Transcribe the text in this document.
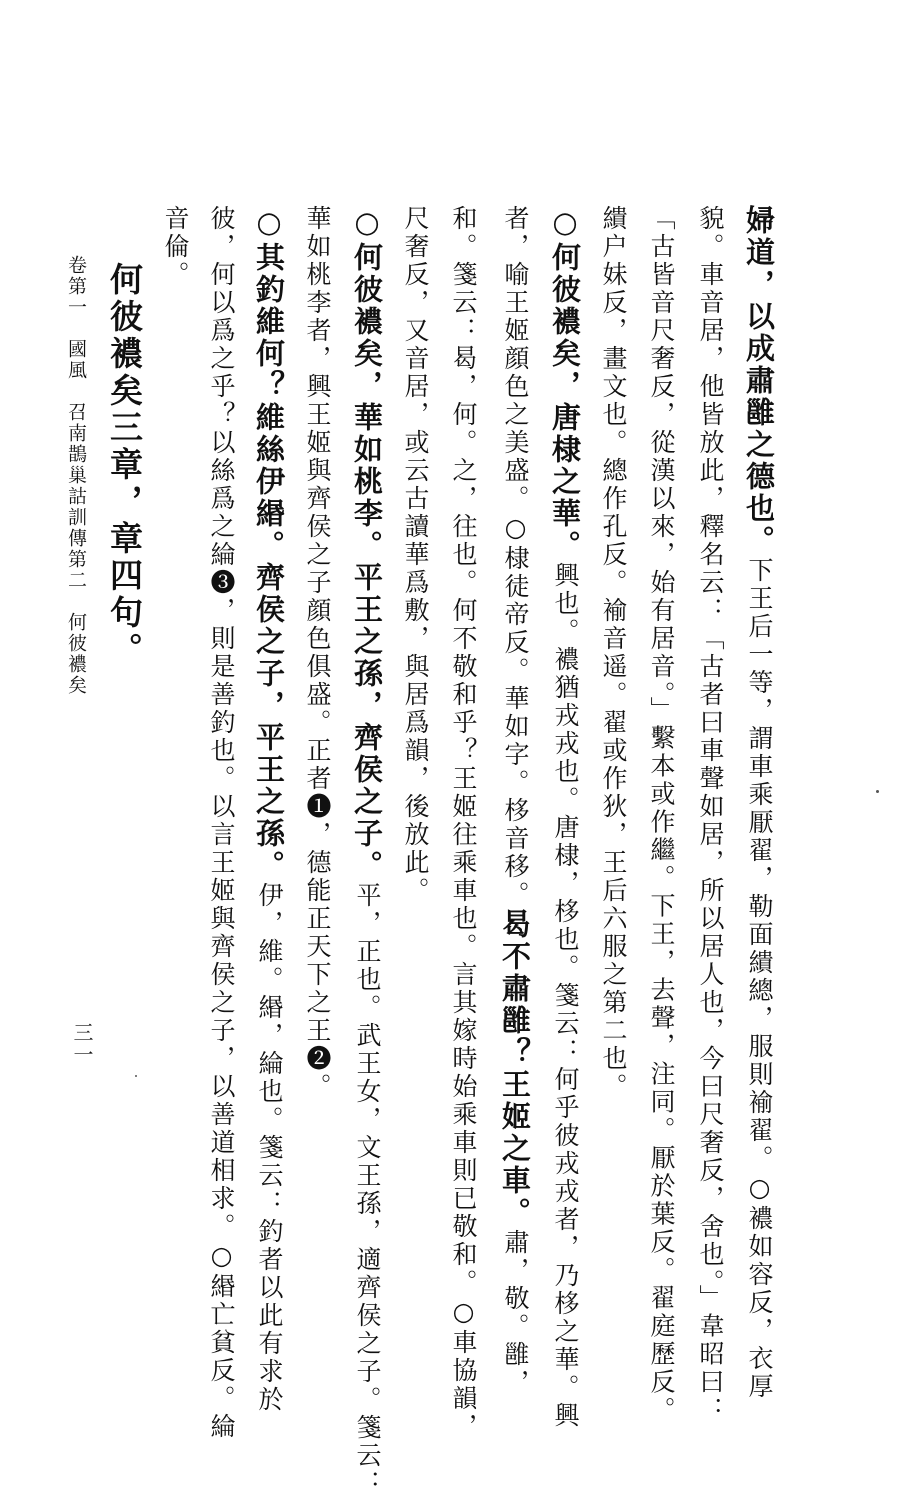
婦道，以成肅雝之德也。下王后一等，謂車乘厭翟，勒面繢總，服則褕翟。○襛如容反，衣厚
貌。車音居，他皆放此，釋名云：「古者曰車聲如居，所以居人也，今曰尺奢反，舍也。」韋昭曰：
「古皆音尺奢反，從漢以來，始有居音。」繫本或作繼。下王，去聲，注同。厭於葉反。翟庭歷反。
繢户妹反，畫文也。總作孔反。褕音遥。翟或作狄，王后六服之第二也。
○何彼襛矣，唐棣之華。興也。襛猶戎戎也。唐棣，栘也。箋云：何乎彼戎戎者，乃栘之華。興
者，喻王姬顔色之美盛。○棣徒帝反。華如字。栘音移。曷不肅雝？王姬之車。肅，敬。雝，
和。箋云：曷，何。之，往也。何不敬和乎？王姬往乘車也。言其嫁時始乘車則已敬和。○車協韻，
尺奢反，又音居，或云古讀華爲敷，與居爲韻，後放此。
○何彼襛矣，華如桃李。平王之孫，齊侯之子。平，正也。武王女，文王孫，適齊侯之子。箋云：
華如桃李者，興王姬與齊侯之子顔色俱盛。正者❶，德能正天下之王❷。
○其釣維何？維絲伊緡。齊侯之子，平王之孫。伊，維。緡，綸也。箋云：釣者以此有求於
彼，何以爲之乎？以絲爲之綸❸，則是善釣也。以言王姬與齊侯之子，以善道相求。○緡亡貧反。綸
音倫。
何彼襛矣三章，章四句。
卷第一　國風　召南鵲巢詁訓傳第二　何彼襛矣
三一
